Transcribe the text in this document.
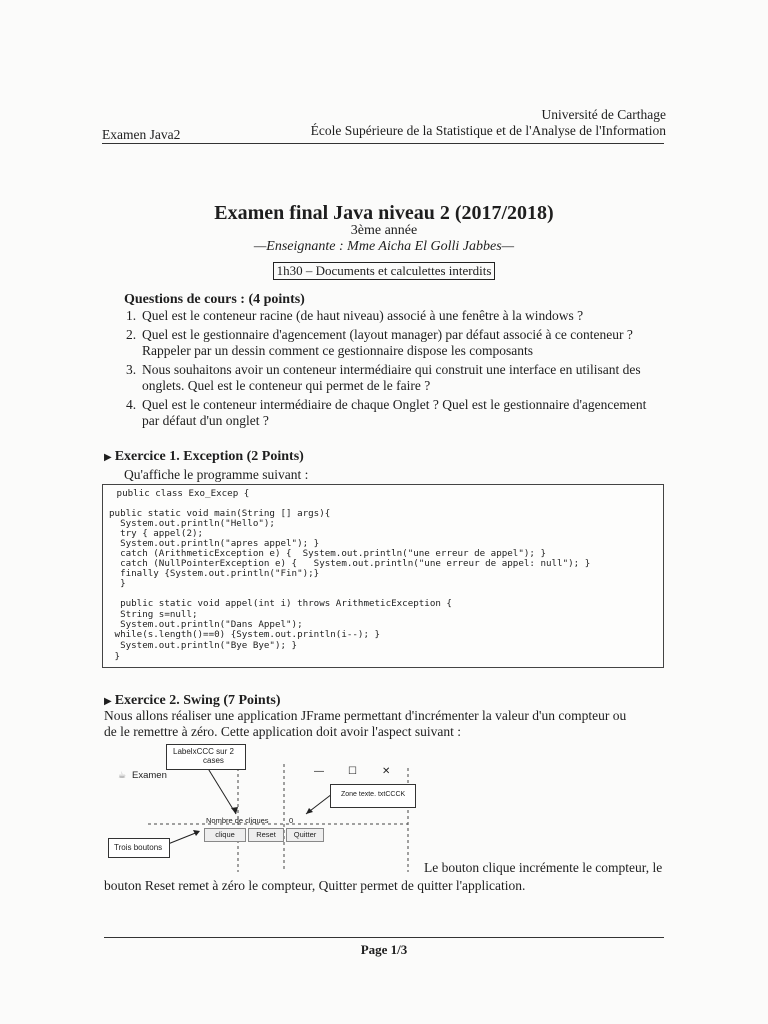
Université de Carthage
Examen Java2	École Supérieure de la Statistique et de l'Analyse de l'Information
Examen final Java niveau 2 (2017/2018)
3ème année
—Enseignante : Mme Aicha El Golli Jabbes—
1h30 – Documents et calculettes interdits
Questions de cours : (4 points)
1. Quel est le conteneur racine (de haut niveau) associé à une fenêtre à la windows ?
2. Quel est le gestionnaire d'agencement (layout manager) par défaut associé à ce conteneur ?
Rappeler par un dessin comment ce gestionnaire dispose les composants
3. Nous souhaitons avoir un conteneur intermédiaire qui construit une interface en utilisant des
onglets. Quel est le conteneur qui permet de le faire ?
4. Quel est le conteneur intermédiaire de chaque Onglet ? Quel est le gestionnaire d'agencement
par défaut d'un onglet ?
▶ Exercice 1. Exception (2 Points)
Qu'affiche le programme suivant :
public class Exo_Excep {
public static void main(String [] args){
System.out.println("Hello");
try { appel(2);
System.out.println("apres appel"); }
catch (ArithmeticException e) {  System.out.println("une erreur de appel"); }
catch (NullPointerException e) {   System.out.println("une erreur de appel: null"); }
finally {System.out.println("Fin");}
}
public static void appel(int i) throws ArithmeticException {
String s=null;
System.out.println("Dans Appel");
while(s.length()==0) {System.out.println(i--); }
System.out.println("Bye Bye"); }
}
▶ Exercice 2. Swing (7 Points)
Nous allons réaliser une application JFrame permettant d'incrémenter la valeur d'un compteur ou
de le remettre à zéro. Cette application doit avoir l'aspect suivant :
LabelxCCC sur 2
cases
☕ Examen	— ☐	✕
Zone texte. txtCCCK
Nombre de cliques	0
clique	Reset	Quitter
Trois boutons
Le bouton clique incrémente le compteur, le
bouton Reset remet à zéro le compteur, Quitter permet de quitter l'application.
Page 1/3
